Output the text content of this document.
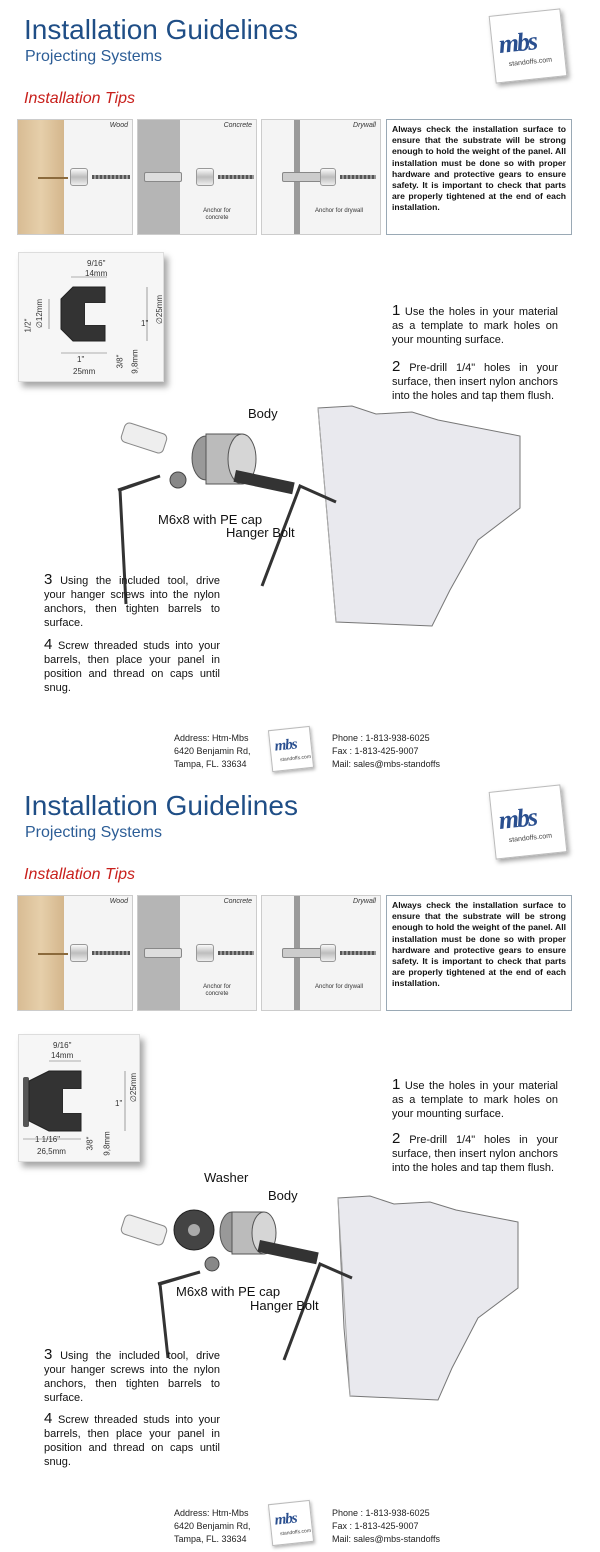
Installation Guidelines
Projecting Systems	mbs
standoffs.com
Installation Tips
Wood	Concrete
Anchor for concrete
Drywall
Anchor for drywall
Always check the installation surface to ensure that the substrate will be strong enough to hold the weight of the panel. All installation must be done so with proper hardware and protective gears to ensure safety. It is important to check that parts are properly tightened at the end of each installation.
9/16"
14mm
1/2" ∅12mm	1" ∅25mm
1"
25mm
3/8" 9,8mm
1 Use the holes in your material as a template to mark holes on your mounting surface.
2 Pre-drill 1/4" holes in your surface, then insert nylon anchors into the holes and tap them flush.
Body
M6x8 with PE cap
Hanger Bolt
3 Using the included tool, drive your hanger screws into the nylon anchors, then tighten barrels to surface.
4 Screw threaded studs into your barrels, then place your panel in position and thread on caps until snug.
Address: Htm-Mbs
6420 Benjamin Rd,
Tampa, FL. 33634
mbs
standoffs.com
Phone : 1-813-938-6025
Fax : 1-813-425-9007
Mail: sales@mbs-standoffs
Installation Guidelines
Projecting Systems	mbs
standoffs.com
Installation Tips
Wood	Concrete
Anchor for concrete
Drywall
Anchor for drywall
Always check the installation surface to ensure that the substrate will be strong enough to hold the weight of the panel. All installation must be done so with proper hardware and protective gears to ensure safety. It is important to check that parts are properly tightened at the end of each installation.
9/16"
14mm
1"
∅25mm
1 1/16"
26,5mm
3/8" 9,8mm
1 Use the holes in your material as a template to mark holes on your mounting surface.
2 Pre-drill 1/4" holes in your surface, then insert nylon anchors into the holes and tap them flush.
Washer
Body
M6x8 with PE cap
Hanger Bolt
3 Using the included tool, drive your hanger screws into the nylon anchors, then tighten barrels to surface.
4 Screw threaded studs into your barrels, then place your panel in position and thread on caps until snug.
Address: Htm-Mbs
6420 Benjamin Rd,
Tampa, FL. 33634
mbs
standoffs.com
Phone : 1-813-938-6025
Fax : 1-813-425-9007
Mail: sales@mbs-standoffs
